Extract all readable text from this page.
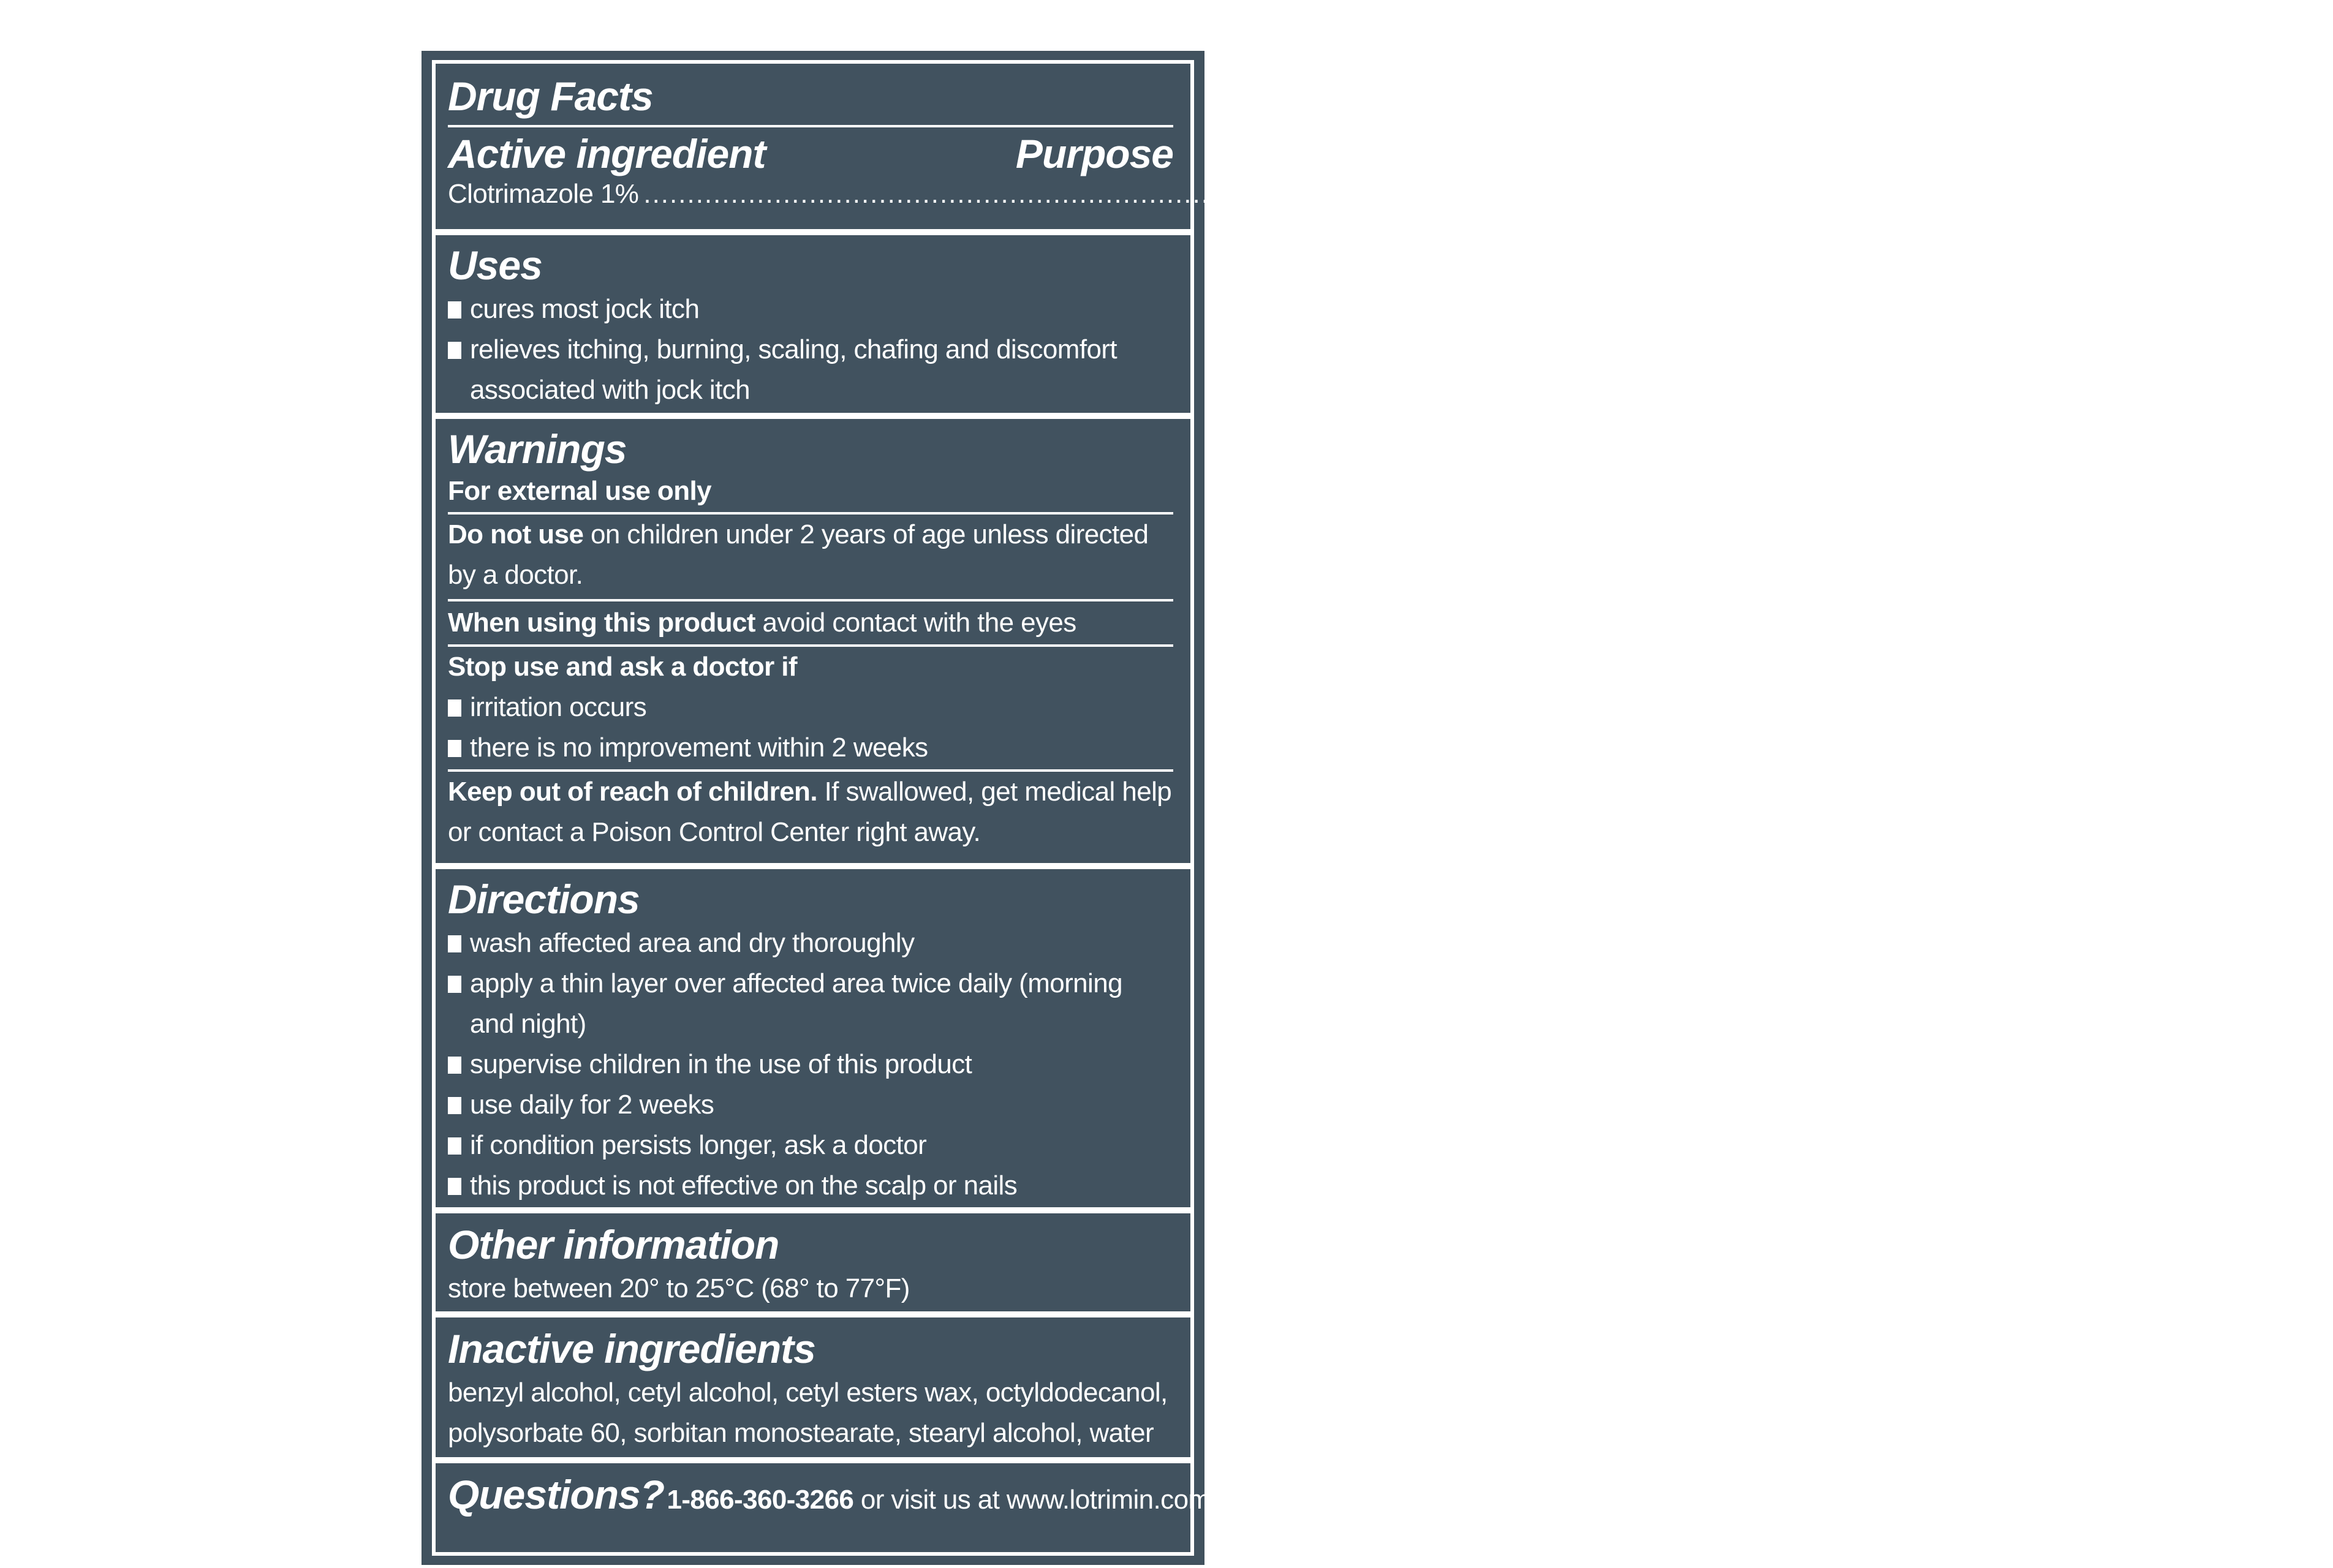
Drug Facts
Active ingredient	Purpose
Clotrimazole 1% .................................................................................................................................................................................... Antifungal
Uses
cures most jock itch
relieves itching, burning, scaling, chafing and discomfort associated with jock itch
Warnings
For external use only
Do not use on children under 2 years of age unless directed by a doctor.
When using this product avoid contact with the eyes
Stop use and ask a doctor if
irritation occurs
there is no improvement within 2 weeks
Keep out of reach of children. If swallowed, get medical help or contact a Poison Control Center right away.
Directions
wash affected area and dry thoroughly
apply a thin layer over affected area twice daily (morning and night)
supervise children in the use of this product
use daily for 2 weeks
if condition persists longer, ask a doctor
this product is not effective on the scalp or nails
Other information
store between 20° to 25°C (68° to 77°F)
Inactive ingredients
benzyl alcohol, cetyl alcohol, cetyl esters wax, octyldodecanol, polysorbate 60, sorbitan monostearate, stearyl alcohol, water
Questions? 1-866-360-3266 or visit us at www.lotrimin.com
